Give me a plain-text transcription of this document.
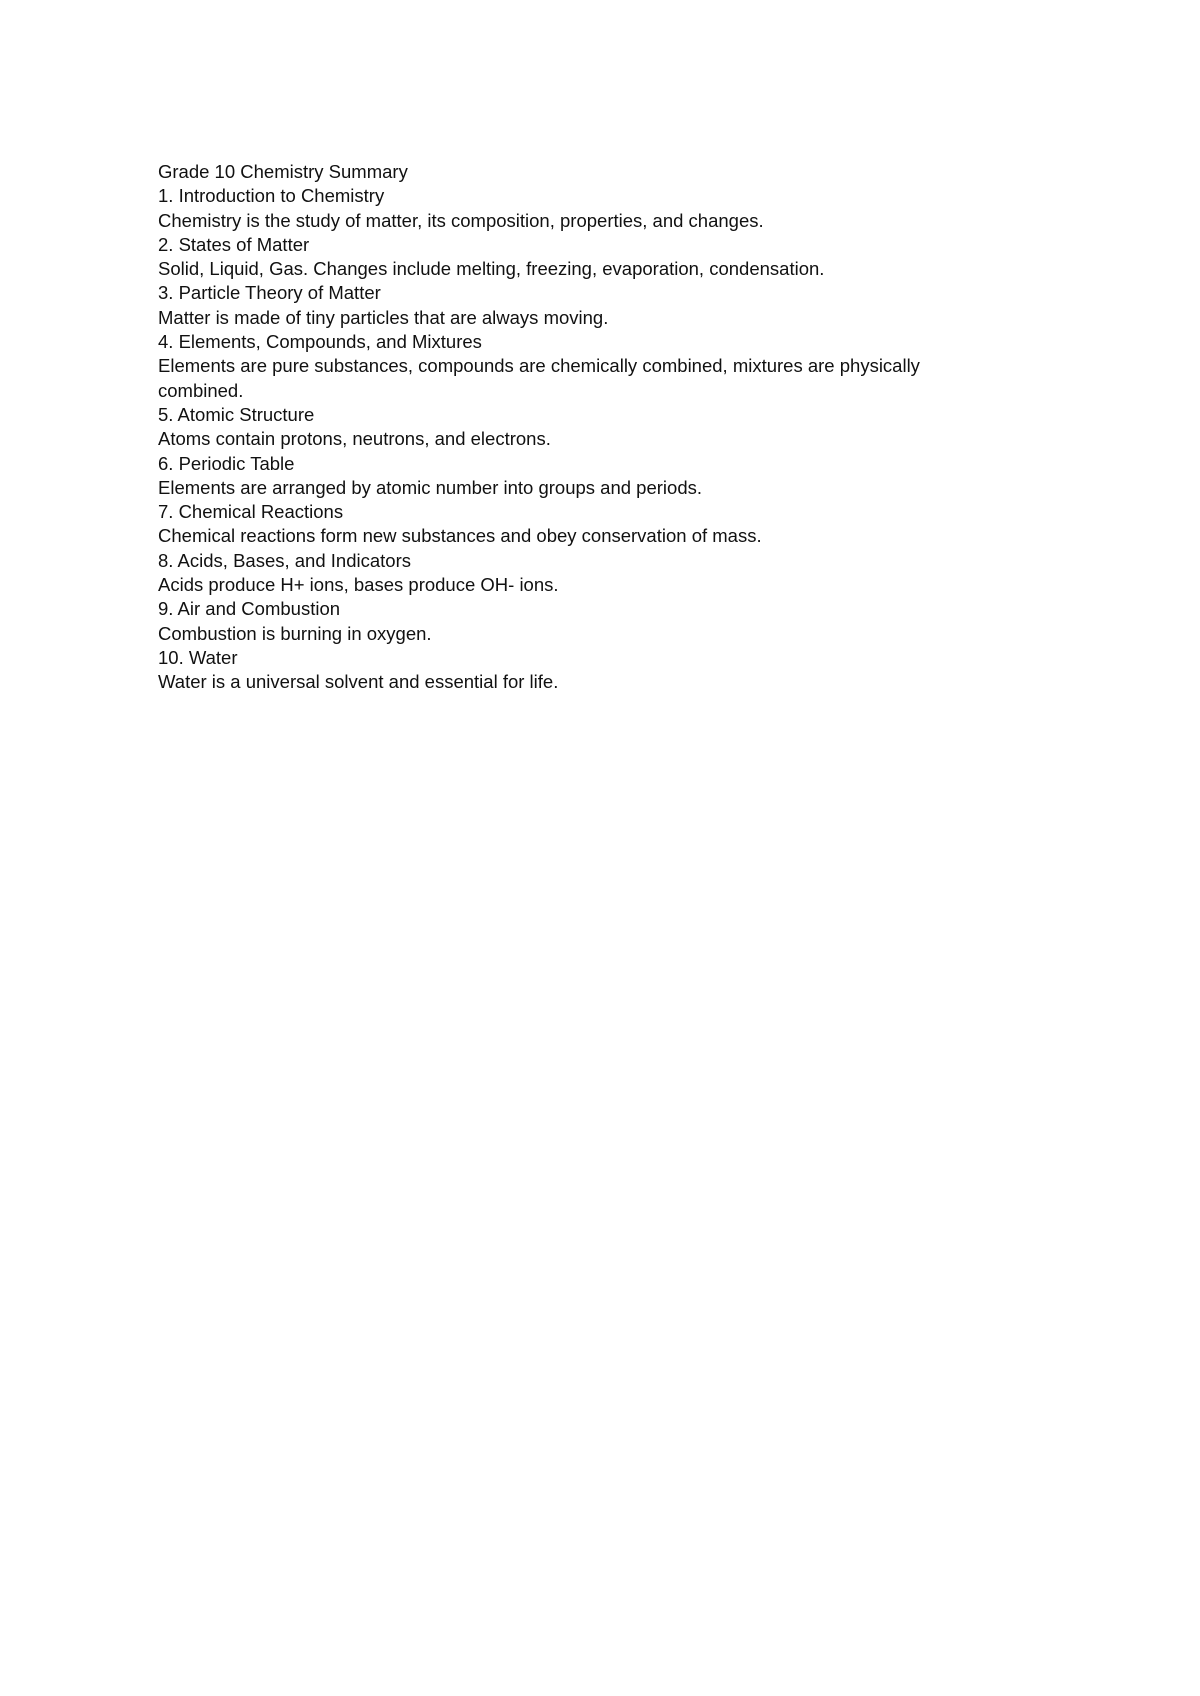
Grade 10 Chemistry Summary
1. Introduction to Chemistry
Chemistry is the study of matter, its composition, properties, and changes.
2. States of Matter
Solid, Liquid, Gas. Changes include melting, freezing, evaporation, condensation.
3. Particle Theory of Matter
Matter is made of tiny particles that are always moving.
4. Elements, Compounds, and Mixtures
Elements are pure substances, compounds are chemically combined, mixtures are physically combined.
5. Atomic Structure
Atoms contain protons, neutrons, and electrons.
6. Periodic Table
Elements are arranged by atomic number into groups and periods.
7. Chemical Reactions
Chemical reactions form new substances and obey conservation of mass.
8. Acids, Bases, and Indicators
Acids produce H+ ions, bases produce OH- ions.
9. Air and Combustion
Combustion is burning in oxygen.
10. Water
Water is a universal solvent and essential for life.
